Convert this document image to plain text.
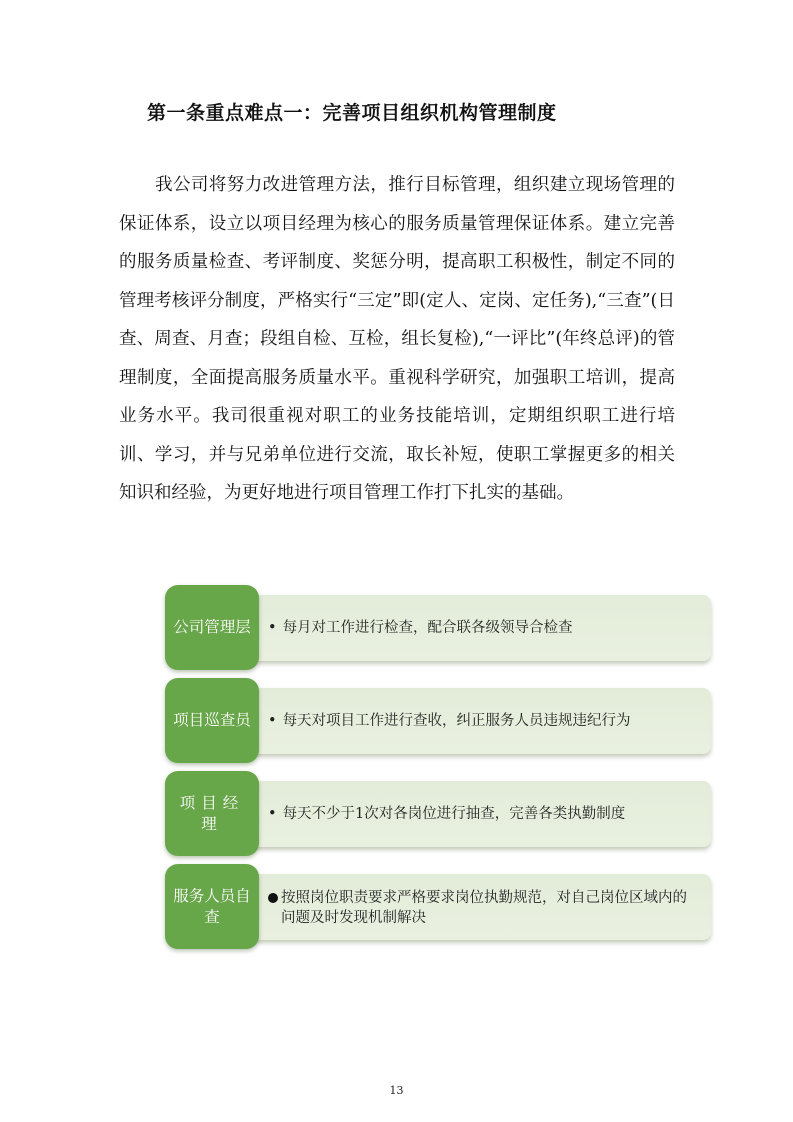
第一条重点难点一：完善项目组织机构管理制度

我公司将努力改进管理方法，推行目标管理，组织建立现场管理的保证体系，设立以项目经理为核心的服务质量管理保证体系。建立完善的服务质量检查、考评制度、奖惩分明，提高职工积极性，制定不同的管理考核评分制度，严格实行“三定”即(定人、定岗、定任务),“三查”(日查、周查、月查；段组自检、互检，组长复检),“一评比”(年终总评)的管理制度，全面提高服务质量水平。重视科学研究，加强职工培训，提高业务水平。我司很重视对职工的业务技能培训，定期组织职工进行培训、学习，并与兄弟单位进行交流，取长补短，使职工掌握更多的相关知识和经验，为更好地进行项目管理工作打下扎实的基础。

公司管理层	• 每月对工作进行检查，配合联各级领导合检查
项目巡查员	• 每天对项目工作进行查收，纠正服务人员违规违纪行为
项目经理
• 每天不少于1次对各岗位进行抽查，完善各类执勤制度
服务人员自查
按照岗位职责要求严格要求岗位执勤规范，对自己岗位区域内的问题及时发现机制解决
13
